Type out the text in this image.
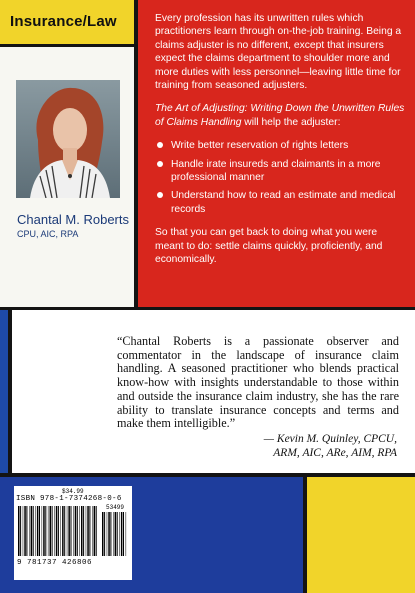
Insurance/Law
Chantal M. Roberts
CPU, AIC, RPA

Every profession has its unwritten rules which practitioners learn through on-the-job training. Being a claims adjuster is no different, except that insurers expect the claims department to shoulder more and more duties with less personnel—leaving little time for training from seasoned adjusters.

The Art of Adjusting: Writing Down the Unwritten Rules of Claims Handling will help the adjuster:

Write better reservation of rights letters
Handle irate insureds and claimants in a more professional manner
Understand how to read an estimate and medical records

So that you can get back to doing what you were meant to do: settle claims quickly, proficiently, and economically.

“Chantal Roberts is a passionate observer and commentator in the landscape of insurance claim handling. A seasoned practitioner who blends practical know-how with insights understandable to those within and outside the insurance claim industry, she has the rare ability to translate insurance concepts and terms and make them intelligible.”
— Kevin M. Quinley, CPCU,
ARM, AIC, ARe, AIM, RPA
$34.99
ISBN 978-1-7374268-0-6
53499
9 781737 426806
